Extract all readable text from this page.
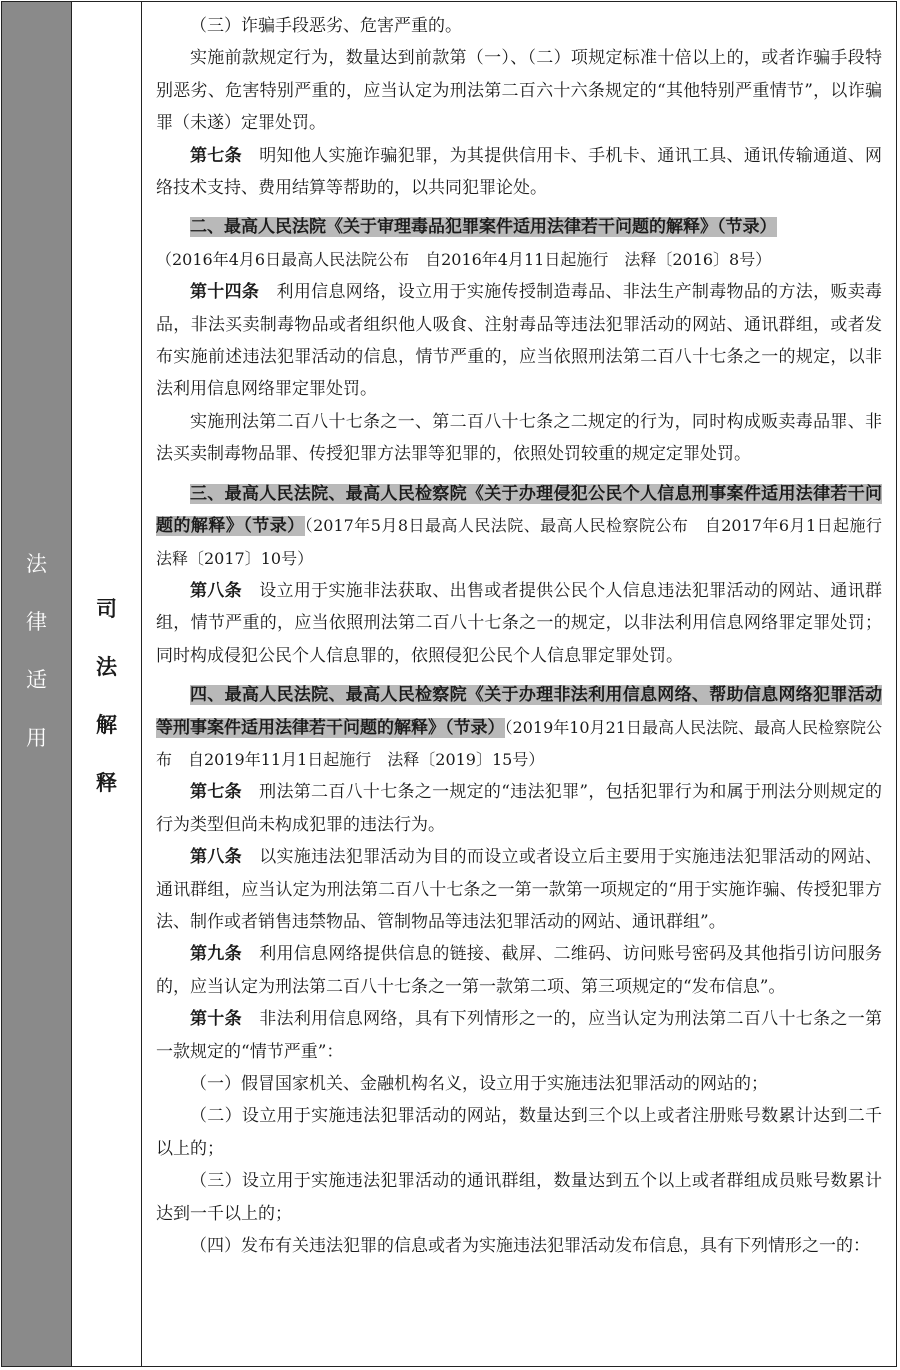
法
律
适
用
司
法
解
释

（三）诈骗手段恶劣、危害严重的。

实施前款规定行为，数量达到前款第（一）、（二）项规定标准十倍以上的，或者诈骗手段特别恶劣、危害特别严重的，应当认定为刑法第二百六十六条规定的“其他特别严重情节”，以诈骗罪（未遂）定罪处罚。

第七条　明知他人实施诈骗犯罪，为其提供信用卡、手机卡、通讯工具、通讯传输通道、网络技术支持、费用结算等帮助的，以共同犯罪论处。

二、最高人民法院《关于审理毒品犯罪案件适用法律若干问题的解释》（节录）

（2016年4月6日最高人民法院公布　自2016年4月11日起施行　法释〔2016〕8号）

第十四条　利用信息网络，设立用于实施传授制造毒品、非法生产制毒物品的方法，贩卖毒品，非法买卖制毒物品或者组织他人吸食、注射毒品等违法犯罪活动的网站、通讯群组，或者发布实施前述违法犯罪活动的信息，情节严重的，应当依照刑法第二百八十七条之一的规定，以非法利用信息网络罪定罪处罚。

实施刑法第二百八十七条之一、第二百八十七条之二规定的行为，同时构成贩卖毒品罪、非法买卖制毒物品罪、传授犯罪方法罪等犯罪的，依照处罚较重的规定定罪处罚。

三、最高人民法院、最高人民检察院《关于办理侵犯公民个人信息刑事案件适用法律若干问题的解释》（节录）（2017年5月8日最高人民法院、最高人民检察院公布　自2017年6月1日起施行　法释〔2017〕10号）

第八条　设立用于实施非法获取、出售或者提供公民个人信息违法犯罪活动的网站、通讯群组，情节严重的，应当依照刑法第二百八十七条之一的规定，以非法利用信息网络罪定罪处罚；同时构成侵犯公民个人信息罪的，依照侵犯公民个人信息罪定罪处罚。

四、最高人民法院、最高人民检察院《关于办理非法利用信息网络、帮助信息网络犯罪活动等刑事案件适用法律若干问题的解释》（节录）（2019年10月21日最高人民法院、最高人民检察院公布　自2019年11月1日起施行　法释〔2019〕15号）

第七条　刑法第二百八十七条之一规定的“违法犯罪”，包括犯罪行为和属于刑法分则规定的行为类型但尚未构成犯罪的违法行为。

第八条　以实施违法犯罪活动为目的而设立或者设立后主要用于实施违法犯罪活动的网站、通讯群组，应当认定为刑法第二百八十七条之一第一款第一项规定的“用于实施诈骗、传授犯罪方法、制作或者销售违禁物品、管制物品等违法犯罪活动的网站、通讯群组”。

第九条　利用信息网络提供信息的链接、截屏、二维码、访问账号密码及其他指引访问服务的，应当认定为刑法第二百八十七条之一第一款第二项、第三项规定的“发布信息”。

第十条　非法利用信息网络，具有下列情形之一的，应当认定为刑法第二百八十七条之一第一款规定的“情节严重”：

（一）假冒国家机关、金融机构名义，设立用于实施违法犯罪活动的网站的；

（二）设立用于实施违法犯罪活动的网站，数量达到三个以上或者注册账号数累计达到二千以上的；

（三）设立用于实施违法犯罪活动的通讯群组，数量达到五个以上或者群组成员账号数累计达到一千以上的；

（四）发布有关违法犯罪的信息或者为实施违法犯罪活动发布信息，具有下列情形之一的：
